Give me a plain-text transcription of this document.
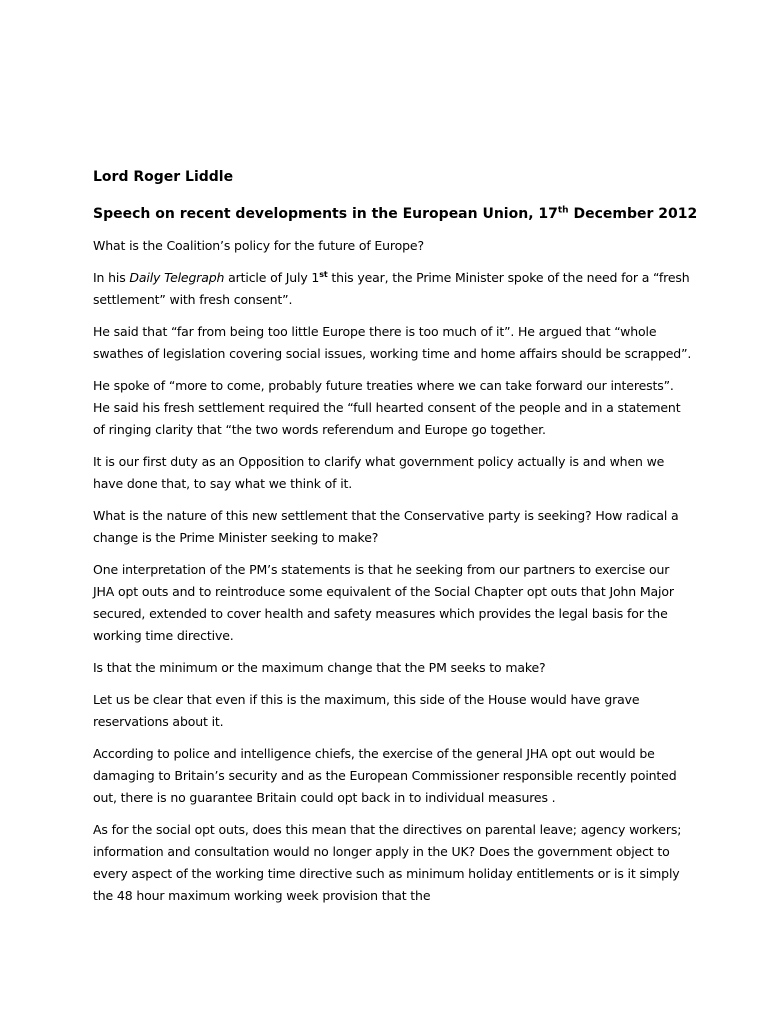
Lord Roger Liddle

Speech on recent developments in the European Union, 17th December 2012

What is the Coalition’s policy for the future of Europe?

In his Daily Telegraph article of July 1st this year, the Prime Minister spoke of the need for a “fresh settlement” with fresh consent”.

He said that “far from being too little Europe there is too much of it”. He argued that “whole swathes of legislation covering social issues, working time and home affairs should be scrapped”.

He spoke of “more to come, probably future treaties where we can take forward our interests”. He said his fresh settlement required the “full hearted consent of the people and in a statement of ringing clarity that “the two words referendum and Europe go together.

It is our first duty as an Opposition to clarify what government policy actually is and when we have done that, to say what we think of it.

What is the nature of this new settlement that the Conservative party is seeking? How radical a change is the Prime Minister seeking to make?

One interpretation of the PM’s statements is that he seeking from our partners to exercise our JHA opt outs and to reintroduce some equivalent of the Social Chapter opt outs that John Major secured, extended to cover health and safety measures which provides the legal basis for the working time directive.

Is that the minimum or the maximum change that the PM seeks to make?

Let us be clear that even if this is the maximum, this side of the House would have grave reservations about it.

According to police and intelligence chiefs, the exercise of the general JHA opt out would be damaging to Britain’s security and as the European Commissioner responsible recently pointed out, there is no guarantee Britain could opt back in to individual measures .

As for the social opt outs, does this mean that the directives on parental leave; agency workers; information and consultation would no longer apply in the UK? Does the government object to every aspect of the working time directive such as minimum holiday entitlements or is it simply the 48 hour maximum working week provision that the
